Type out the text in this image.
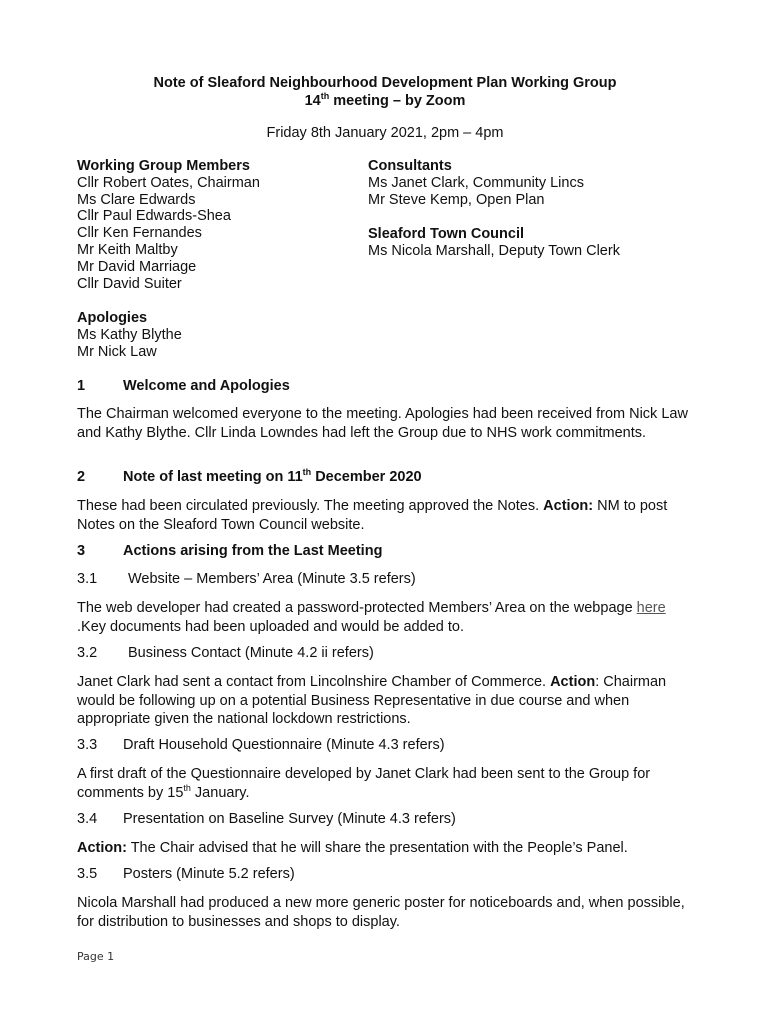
Note of Sleaford Neighbourhood Development Plan Working Group
14th meeting – by Zoom
Friday 8th January 2021, 2pm – 4pm
Working Group Members
Cllr Robert Oates, Chairman
Ms Clare Edwards
Cllr Paul Edwards-Shea
Cllr Ken Fernandes
Mr Keith Maltby
Mr David Marriage
Cllr David Suiter
Consultants
Ms Janet Clark, Community Lincs
Mr Steve Kemp, Open Plan
Sleaford Town Council
Ms Nicola Marshall, Deputy Town Clerk
Apologies
Ms Kathy Blythe
Mr Nick Law
1	Welcome and Apologies
The Chairman welcomed everyone to the meeting. Apologies had been received from Nick Law and Kathy Blythe. Cllr Linda Lowndes had left the Group due to NHS work commitments.
2	Note of last meeting on 11th December 2020
These had been circulated previously. The meeting approved the Notes. Action: NM to post Notes on the Sleaford Town Council website.
3	Actions arising from the Last Meeting
3.1 Website – Members’ Area (Minute 3.5 refers)
The web developer had created a password-protected Members’ Area on the webpage here .Key documents had been uploaded and would be added to.
3.2 Business Contact (Minute 4.2 ii refers)
Janet Clark had sent a contact from Lincolnshire Chamber of Commerce. Action: Chairman would be following up on a potential Business Representative in due course and when appropriate given the national lockdown restrictions.
3.3 Draft Household Questionnaire (Minute 4.3 refers)
A first draft of the Questionnaire developed by Janet Clark had been sent to the Group for comments by 15th January.
3.4 Presentation on Baseline Survey (Minute 4.3 refers)
Action: The Chair advised that he will share the presentation with the People’s Panel.
3.5 Posters (Minute 5.2 refers)
Nicola Marshall had produced a new more generic poster for noticeboards and, when possible, for distribution to businesses and shops to display.
Page 1
